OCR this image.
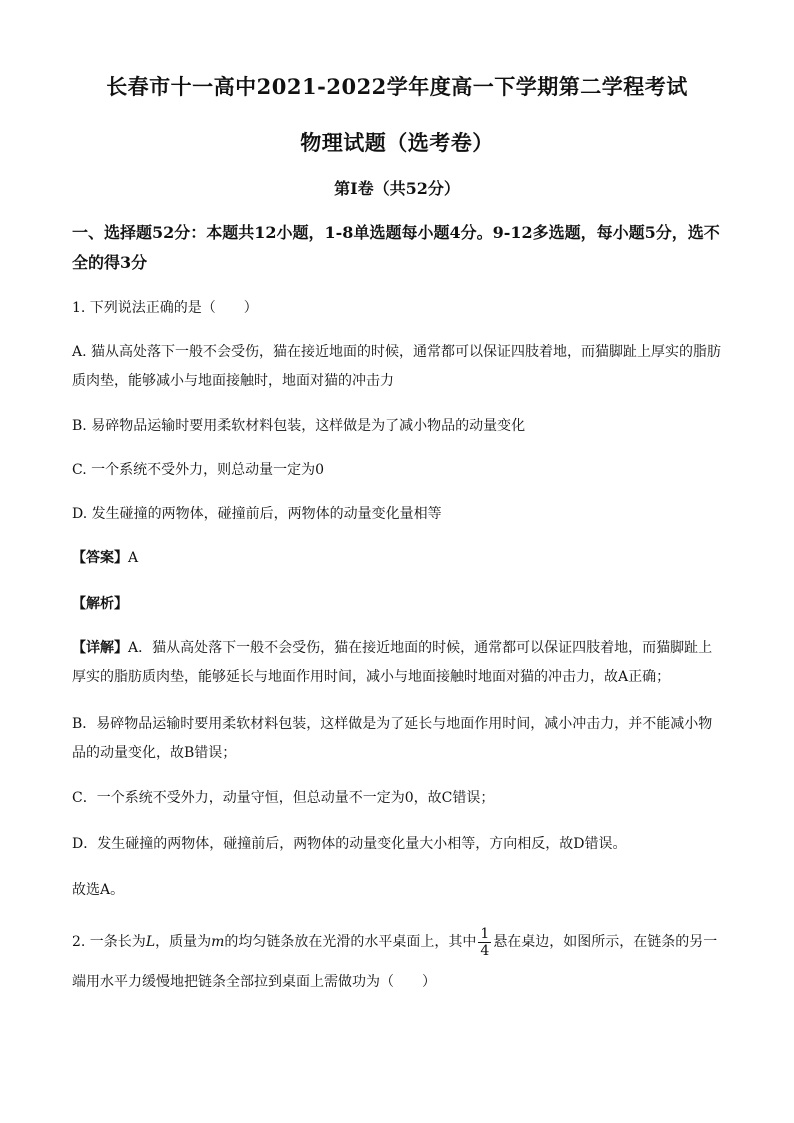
长春市十一高中2021-2022学年度高一下学期第二学程考试
物理试题（选考卷）
第Ⅰ卷（共52分）

一、选择题52分：本题共12小题，1-8单选题每小题4分。9-12多选题，每小题5分，选不全的得3分

1. 下列说法正确的是（　　）

A. 猫从高处落下一般不会受伤，猫在接近地面的时候，通常都可以保证四肢着地，而猫脚趾上厚实的脂肪质肉垫，能够减小与地面接触时，地面对猫的冲击力

B. 易碎物品运输时要用柔软材料包装，这样做是为了减小物品的动量变化

C. 一个系统不受外力，则总动量一定为0

D. 发生碰撞的两物体，碰撞前后，两物体的动量变化量相等

【答案】A

【解析】

【详解】A．猫从高处落下一般不会受伤，猫在接近地面的时候，通常都可以保证四肢着地，而猫脚趾上厚实的脂肪质肉垫，能够延长与地面作用时间，减小与地面接触时地面对猫的冲击力，故A正确；

B．易碎物品运输时要用柔软材料包装，这样做是为了延长与地面作用时间，减小冲击力，并不能减小物品的动量变化，故B错误；

C．一个系统不受外力，动量守恒，但总动量不一定为0，故C错误；

D．发生碰撞的两物体，碰撞前后，两物体的动量变化量大小相等，方向相反，故D错误。

故选A。

2. 一条长为L，质量为m的均匀链条放在光滑的水平桌面上，其中 $\frac{1}{4}$ 悬在桌边，如图所示，在链条的另一端用水平力缓慢地把链条全部拉到桌面上需做功为（　　）
